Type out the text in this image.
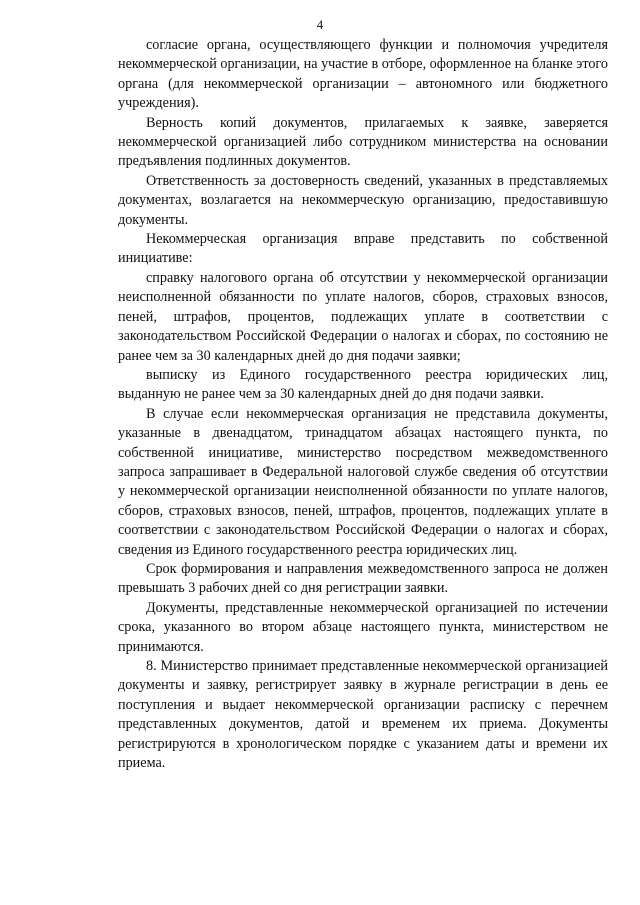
4

согласие органа, осуществляющего функции и полномочия учредителя некоммерческой организации, на участие в отборе, оформленное на бланке этого органа (для некоммерческой организации – автономного или бюджетного учреждения).

Верность копий документов, прилагаемых к заявке, заверяется некоммерческой организацией либо сотрудником министерства на основании предъявления подлинных документов.

Ответственность за достоверность сведений, указанных в представляемых документах, возлагается на некоммерческую организацию, предоставившую документы.

Некоммерческая организация вправе представить по собственной инициативе:

справку налогового органа об отсутствии у некоммерческой организации неисполненной обязанности по уплате налогов, сборов, страховых взносов, пеней, штрафов, процентов, подлежащих уплате в соответствии с законодательством Российской Федерации о налогах и сборах, по состоянию не ранее чем за 30 календарных дней до дня подачи заявки;

выписку из Единого государственного реестра юридических лиц, выданную не ранее чем за 30 календарных дней до дня подачи заявки.

В случае если некоммерческая организация не представила документы, указанные в двенадцатом, тринадцатом абзацах настоящего пункта, по собственной инициативе, министерство посредством межведомственного запроса запрашивает в Федеральной налоговой службе сведения об отсутствии у некоммерческой организации неисполненной обязанности по уплате налогов, сборов, страховых взносов, пеней, штрафов, процентов, подлежащих уплате в соответствии с законодательством Российской Федерации о налогах и сборах, сведения из Единого государственного реестра юридических лиц.

Срок формирования и направления межведомственного запроса не должен превышать 3 рабочих дней со дня регистрации заявки.

Документы, представленные некоммерческой организацией по истечении срока, указанного во втором абзаце настоящего пункта, министерством не принимаются.

8. Министерство принимает представленные некоммерческой организацией документы и заявку, регистрирует заявку в журнале регистрации в день ее поступления и выдает некоммерческой организации расписку с перечнем представленных документов, датой и временем их приема. Документы регистрируются в хронологическом порядке с указанием даты и времени их приема.
